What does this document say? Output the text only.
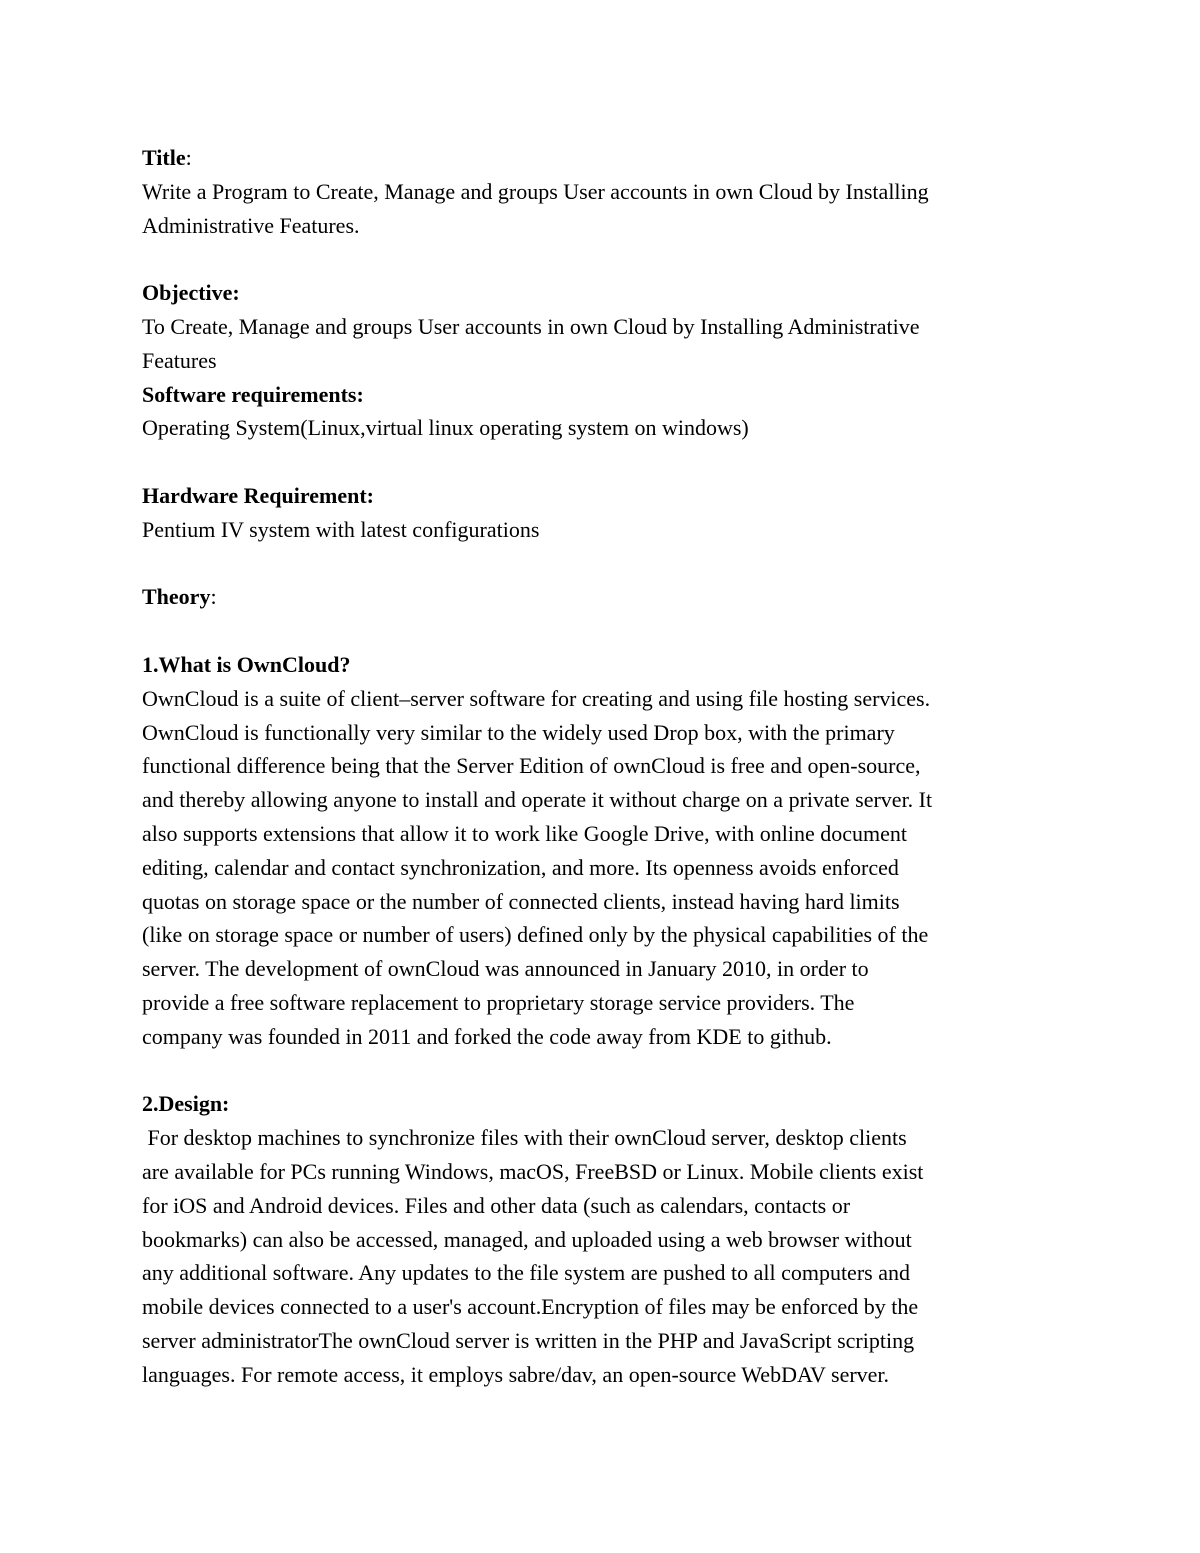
Title:
Write a Program to Create, Manage and groups User accounts in own Cloud by Installing
Administrative Features.
Objective:
To Create, Manage and groups User accounts in own Cloud by Installing Administrative
Features
Software requirements:
Operating System(Linux,virtual linux operating system on windows)
Hardware Requirement:
Pentium IV system with latest configurations
Theory:
1.What is OwnCloud?
OwnCloud is a suite of client–server software for creating and using file hosting services.
OwnCloud is functionally very similar to the widely used Drop box, with the primary
functional difference being that the Server Edition of ownCloud is free and open-source,
and thereby allowing anyone to install and operate it without charge on a private server. It
also supports extensions that allow it to work like Google Drive, with online document
editing, calendar and contact synchronization, and more. Its openness avoids enforced
quotas on storage space or the number of connected clients, instead having hard limits
(like on storage space or number of users) defined only by the physical capabilities of the
server. The development of ownCloud was announced in January 2010, in order to
provide a free software replacement to proprietary storage service providers. The
company was founded in 2011 and forked the code away from KDE to github.
2.Design:
For desktop machines to synchronize files with their ownCloud server, desktop clients
are available for PCs running Windows, macOS, FreeBSD or Linux. Mobile clients exist
for iOS and Android devices. Files and other data (such as calendars, contacts or
bookmarks) can also be accessed, managed, and uploaded using a web browser without
any additional software. Any updates to the file system are pushed to all computers and
mobile devices connected to a user's account.Encryption of files may be enforced by the
server administratorThe ownCloud server is written in the PHP and JavaScript scripting
languages. For remote access, it employs sabre/dav, an open-source WebDAV server.
